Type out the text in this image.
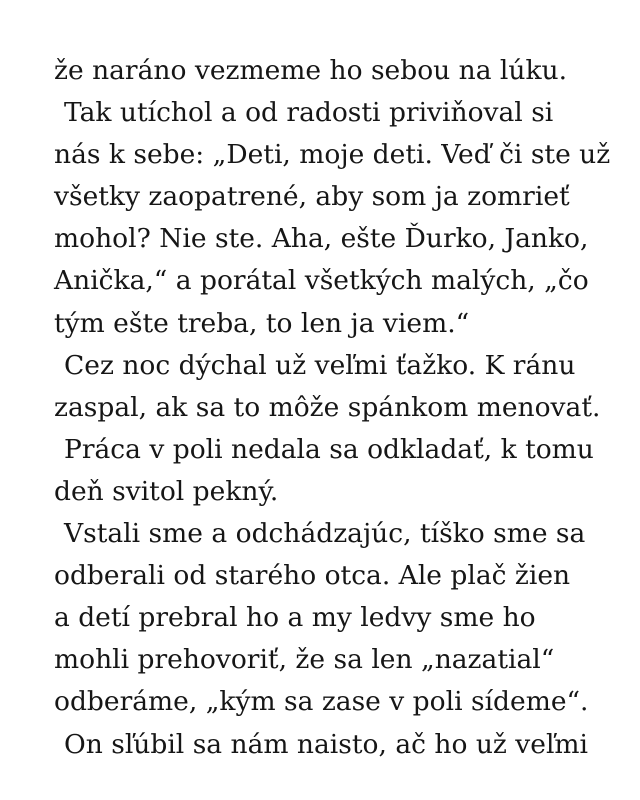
že naráno vezmeme ho sebou na lúku.
Tak utíchol a od radosti priviňoval si
nás k sebe: „Deti, moje deti. Veď či ste už
všetky zaopatrené, aby som ja zomrieť
mohol? Nie ste. Aha, ešte Ďurko, Janko,
Anička,“ a porátal všetkých malých, „čo
tým ešte treba, to len ja viem.“
Cez noc dýchal už veľmi ťažko. K ránu
zaspal, ak sa to môže spánkom menovať.
Práca v poli nedala sa odkladať, k tomu
deň svitol pekný.
Vstali sme a odchádzajúc, tíško sme sa
odberali od starého otca. Ale plač žien
a detí prebral ho a my ledvy sme ho
mohli prehovoriť, že sa len „nazatial“
odberáme, „kým sa zase v poli sídeme“.
On sľúbil sa nám naisto, ač ho už veľmi
